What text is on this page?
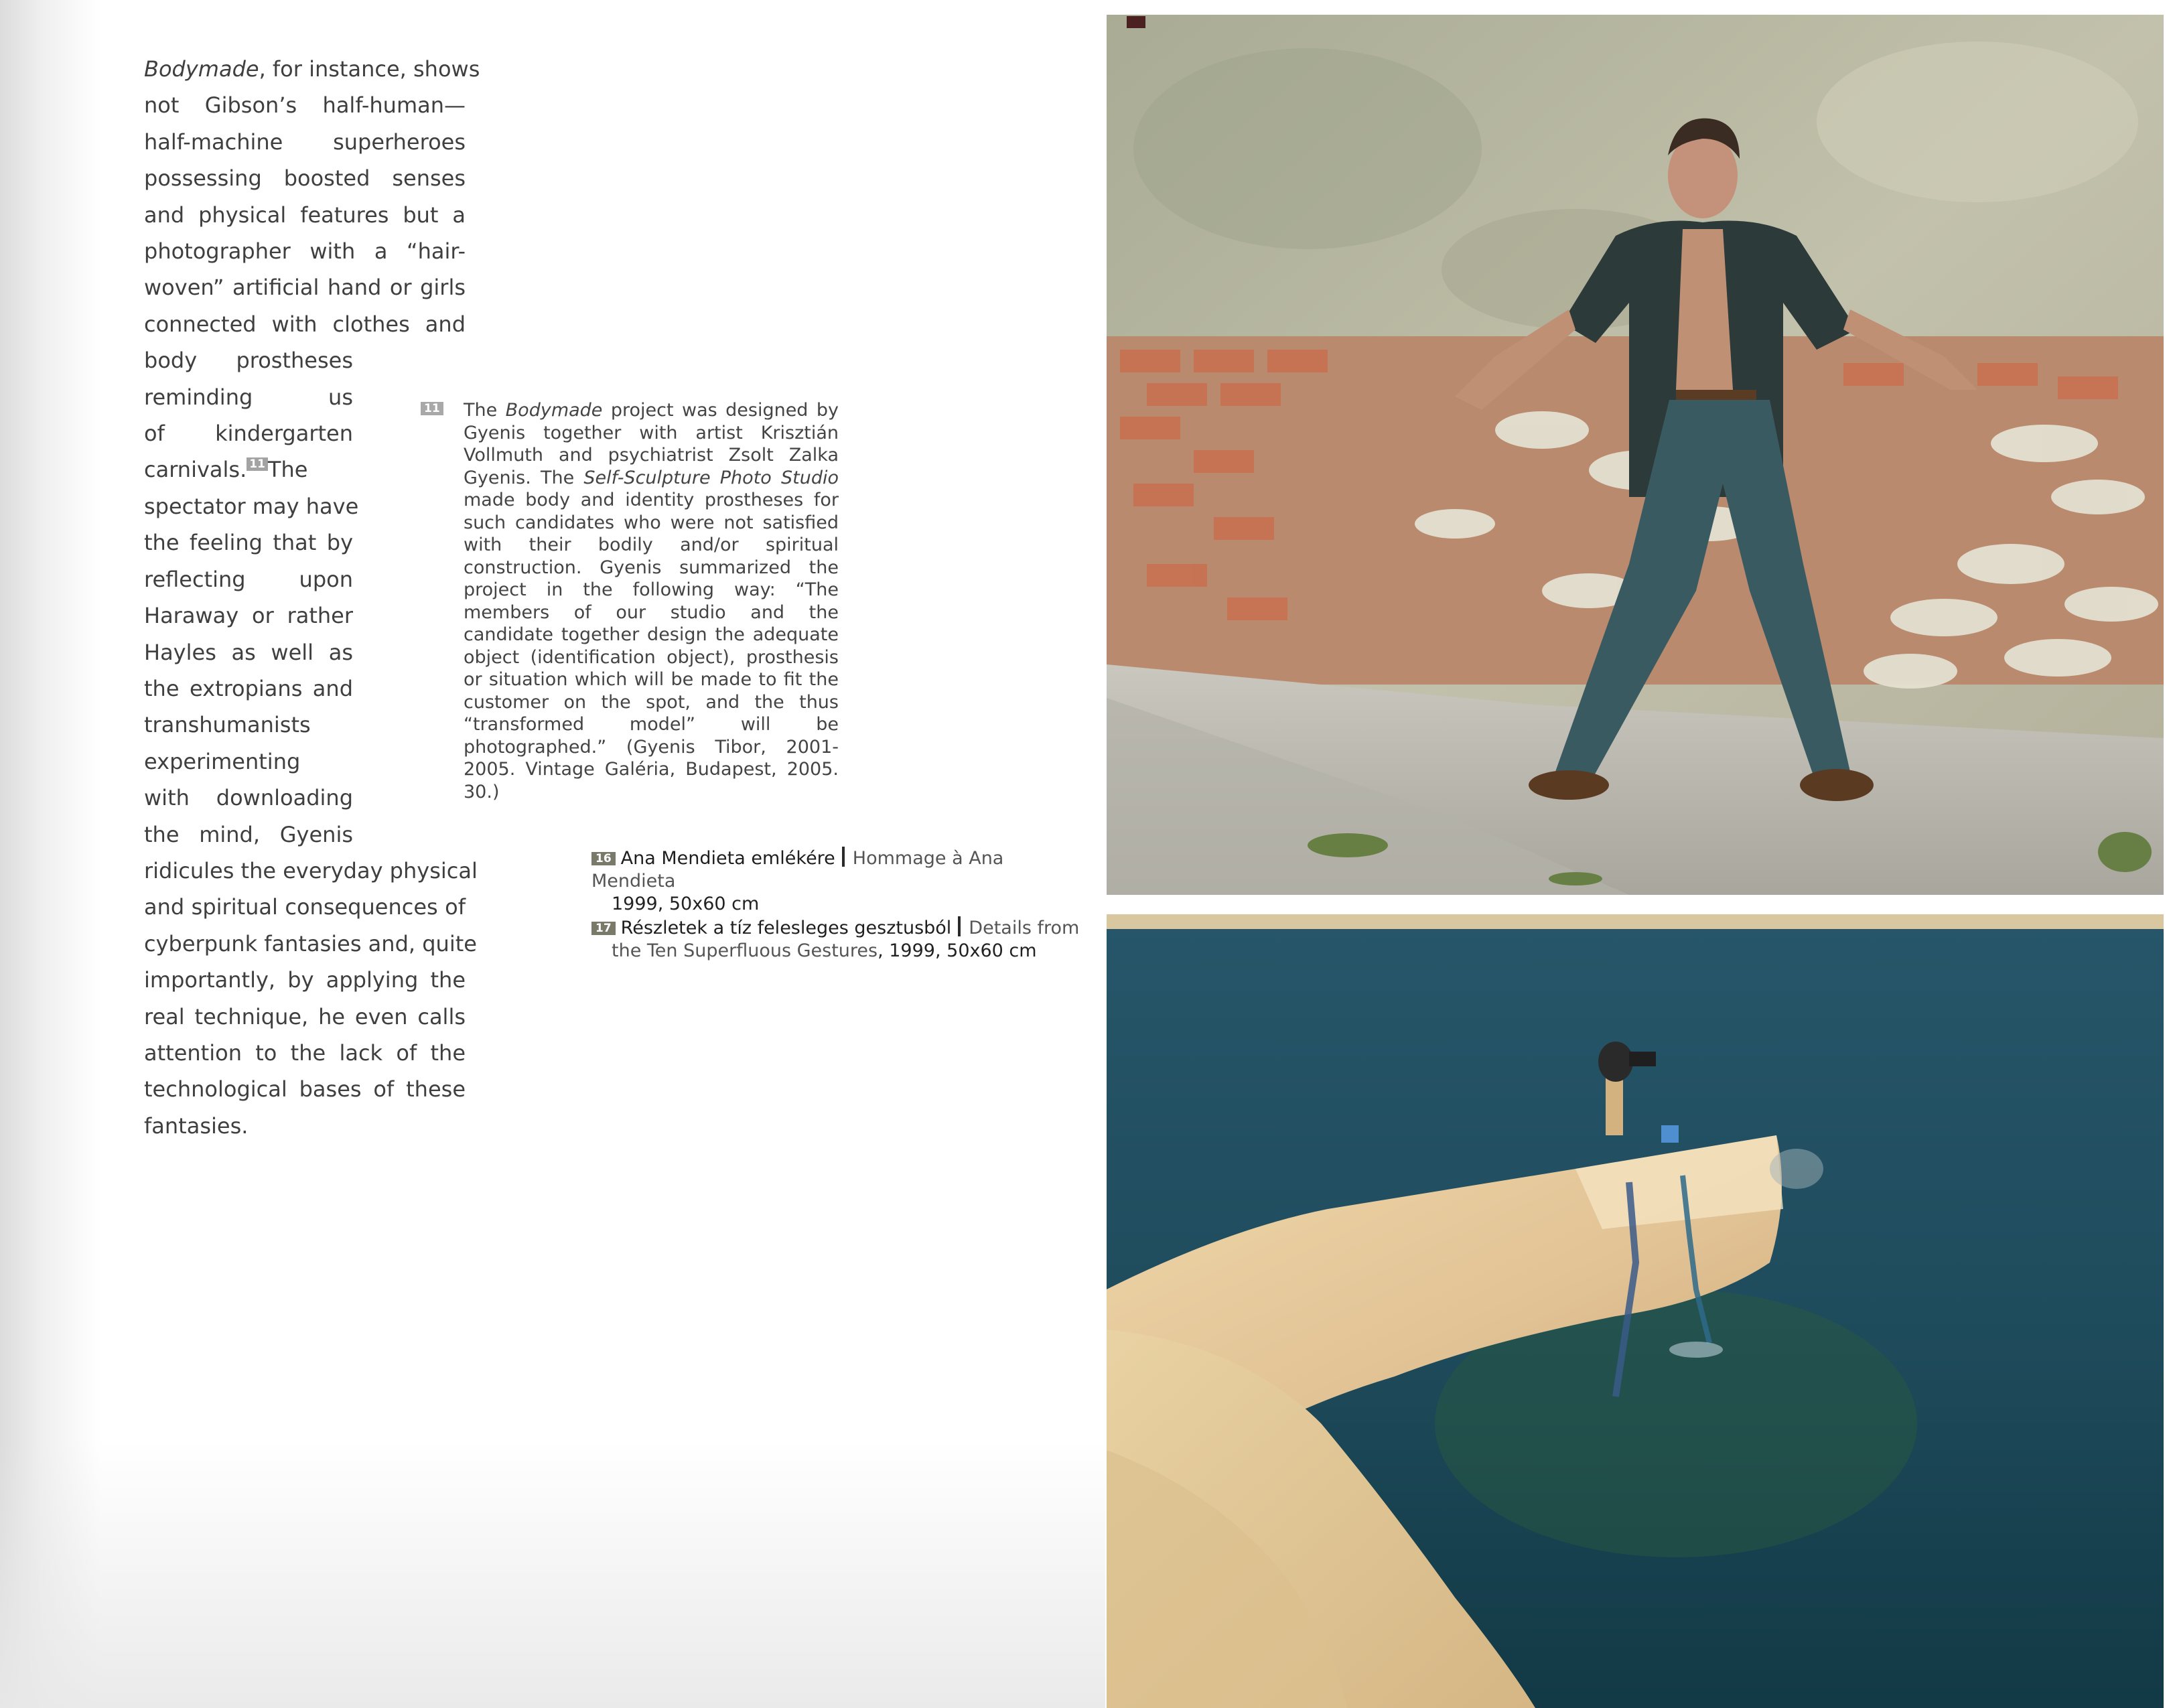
Bodymade, for instance, shows
not Gibson’s half-human—
half-machine superheroes
possessing boosted senses
and physical features but a
photographer with a “hair-
woven” artificial hand or girls
connected with clothes and
body prostheses
reminding us
of kindergarten
carnivals. 11 The
spectator may have
the feeling that by
reflecting upon
Haraway or rather
Hayles as well as
the extropians and
transhumanists
experimenting
with downloading
the mind, Gyenis
ridicules the everyday physical
and spiritual consequences of
cyberpunk fantasies and, quite
importantly, by applying the
real technique, he even calls
attention to the lack of the
technological bases of these
fantasies.
11 The Bodymade project was designed by Gyenis together with artist Krisztián Vollmuth and psychiatrist Zsolt Zalka Gyenis. The Self-Sculpture Photo Studio made body and identity prostheses for such candidates who were not satisfied with their bodily and/or spiritual construction. Gyenis summarized the project in the following way: “The members of our studio and the candidate together design the adequate object (identification object), prosthesis or situation which will be made to fit the customer on the spot, and the thus “transformed model” will be photographed.” (Gyenis Tibor, 2001-2005. Vintage Galéria, Budapest, 2005. 30.)

16 Ana Mendieta emlékére Hommage à Ana Mendieta
1999, 50x60 cm
17 Részletek a tíz felesleges gesztusból Details from
the Ten Superfluous Gestures, 1999, 50x60 cm
